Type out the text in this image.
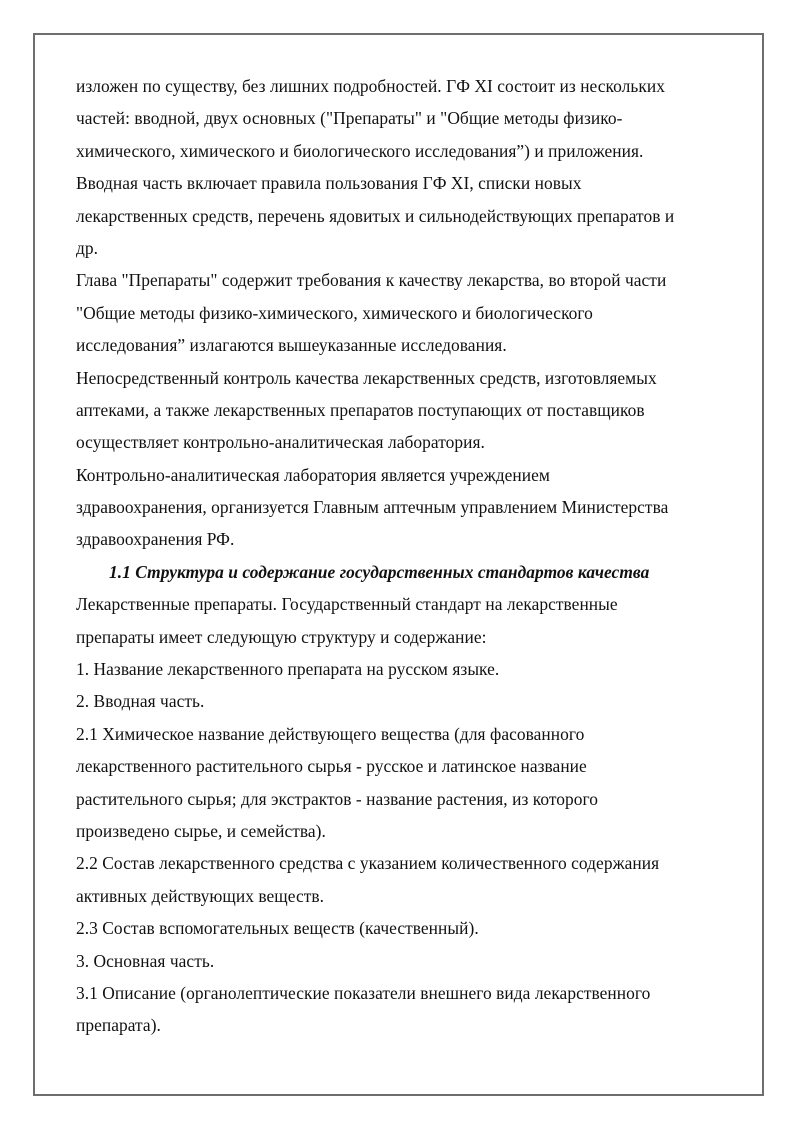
изложен по существу, без лишних подробностей. ГФ XI состоит из нескольких
частей: вводной, двух основных ("Препараты" и "Общие методы физико-
химического, химического и биологического исследования”) и приложения.
Вводная часть включает правила пользования ГФ XI, списки новых
лекарственных средств, перечень ядовитых и сильнодействующих препаратов и
др.
Глава "Препараты" содержит требования к качеству лекарства, во второй части
"Общие методы физико-химического, химического и биологического
исследования” излагаются вышеуказанные исследования.
Непосредственный контроль качества лекарственных средств, изготовляемых
аптеками, а также лекарственных препаратов поступающих от поставщиков
осуществляет контрольно-аналитическая лаборатория.
Контрольно-аналитическая лаборатория является учреждением
здравоохранения, организуется Главным аптечным управлением Министерства
здравоохранения РФ.
1.1 Структура и содержание государственных стандартов качества
Лекарственные препараты. Государственный стандарт на лекарственные
препараты имеет следующую структуру и содержание:
1. Название лекарственного препарата на русском языке.
2. Вводная часть.
2.1 Химическое название действующего вещества (для фасованного
лекарственного растительного сырья - русское и латинское название
растительного сырья; для экстрактов - название растения, из которого
произведено сырье, и семейства).
2.2 Состав лекарственного средства с указанием количественного содержания
активных действующих веществ.
2.3 Состав вспомогательных веществ (качественный).
3. Основная часть.
3.1 Описание (органолептические показатели внешнего вида лекарственного
препарата).
